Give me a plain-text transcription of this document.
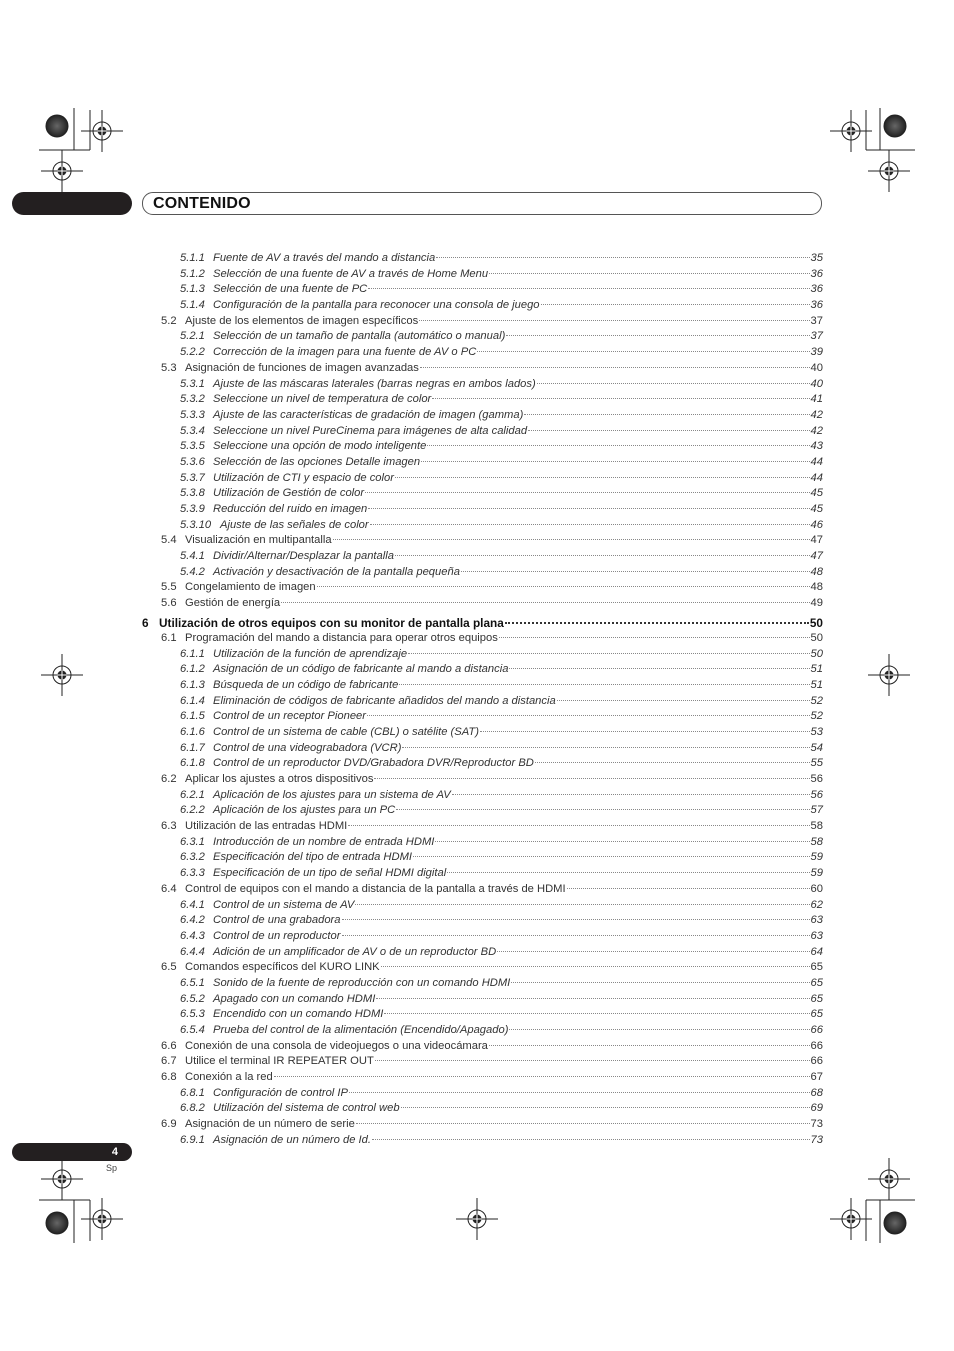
CONTENIDO
5.1.1 Fuente de AV a través del mando a distancia	35
5.1.2 Selección de una fuente de AV a través de Home Menu	36
5.1.3 Selección de una fuente de PC	36
5.1.4 Configuración de la pantalla para reconocer una consola de juego	36
5.2 Ajuste de los elementos de imagen específicos	37
5.2.1 Selección de un tamaño de pantalla (automático o manual)	37
5.2.2 Corrección de la imagen para una fuente de AV o PC	39
5.3 Asignación de funciones de imagen avanzadas	40
5.3.1 Ajuste de las máscaras laterales (barras negras en ambos lados)	40
5.3.2 Seleccione un nivel de temperatura de color	41
5.3.3 Ajuste de las características de gradación de imagen (gamma)	42
5.3.4 Seleccione un nivel PureCinema para imágenes de alta calidad	42
5.3.5 Seleccione una opción de modo inteligente	43
5.3.6 Selección de las opciones Detalle imagen	44
5.3.7 Utilización de CTI y espacio de color	44
5.3.8 Utilización de Gestión de color	45
5.3.9 Reducción del ruido en imagen	45
5.3.10 Ajuste de las señales de color	46
5.4 Visualización en multipantalla	47
5.4.1 Dividir/Alternar/Desplazar la pantalla	47
5.4.2 Activación y desactivación de la pantalla pequeña	48
5.5 Congelamiento de imagen	48
5.6 Gestión de energía	49
6 Utilización de otros equipos con su monitor de pantalla plana	50
6.1 Programación del mando a distancia para operar otros equipos	50
6.1.1 Utilización de la función de aprendizaje	50
6.1.2 Asignación de un código de fabricante al mando a distancia	51
6.1.3 Búsqueda de un código de fabricante	51
6.1.4 Eliminación de códigos de fabricante añadidos del mando a distancia	52
6.1.5 Control de un receptor Pioneer	52
6.1.6 Control de un sistema de cable (CBL) o satélite (SAT)	53
6.1.7 Control de una videograbadora (VCR)	54
6.1.8 Control de un reproductor DVD/Grabadora DVR/Reproductor BD	55
6.2 Aplicar los ajustes a otros dispositivos	56
6.2.1 Aplicación de los ajustes para un sistema de AV	56
6.2.2 Aplicación de los ajustes para un PC	57
6.3 Utilización de las entradas HDMI	58
6.3.1 Introducción de un nombre de entrada HDMI	58
6.3.2 Especificación del tipo de entrada HDMI	59
6.3.3 Especificación de un tipo de señal HDMI digital	59
6.4 Control de equipos con el mando a distancia de la pantalla a través de HDMI	60
6.4.1 Control de un sistema de AV	62
6.4.2 Control de una grabadora	63
6.4.3 Control de un reproductor	63
6.4.4 Adición de un amplificador de AV o de un reproductor BD	64
6.5 Comandos específicos del KURO LINK	65
6.5.1 Sonido de la fuente de reproducción con un comando HDMI	65
6.5.2 Apagado con un comando HDMI	65
6.5.3 Encendido con un comando HDMI	65
6.5.4 Prueba del control de la alimentación (Encendido/Apagado)	66
6.6 Conexión de una consola de videojuegos o una videocámara	66
6.7 Utilice el terminal IR REPEATER OUT	66
6.8 Conexión a la red	67
6.8.1 Configuración de control IP	68
6.8.2 Utilización del sistema de control web	69
6.9 Asignación de un número de serie	73
6.9.1 Asignación de un número de Id.	73
4
Sp
